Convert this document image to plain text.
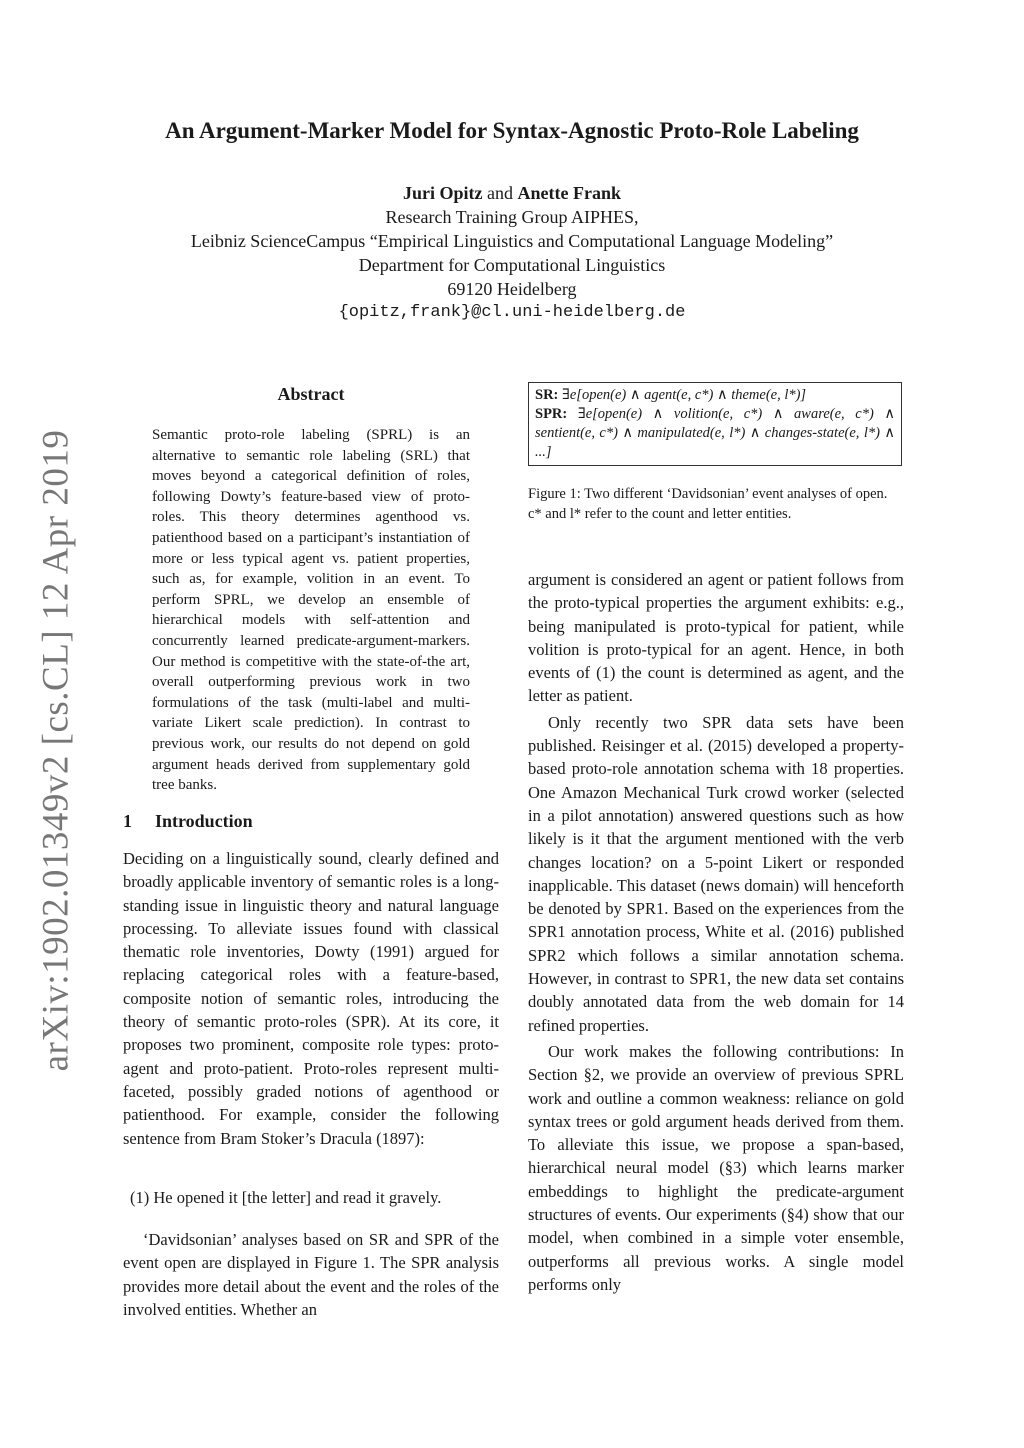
arXiv:1902.01349v2 [cs.CL] 12 Apr 2019
An Argument-Marker Model for Syntax-Agnostic Proto-Role Labeling
Juri Opitz and Anette Frank
Research Training Group AIPHES,
Leibniz ScienceCampus “Empirical Linguistics and Computational Language Modeling”
Department for Computational Linguistics
69120 Heidelberg
{opitz,frank}@cl.uni-heidelberg.de
Abstract
Semantic proto-role labeling (SPRL) is an alternative to semantic role labeling (SRL) that moves beyond a categorical definition of roles, following Dowty’s feature-based view of proto-roles. This theory determines agenthood vs. patienthood based on a participant’s instantiation of more or less typical agent vs. patient properties, such as, for example, volition in an event. To perform SPRL, we develop an ensemble of hierarchical models with self-attention and concurrently learned predicate-argument-markers. Our method is competitive with the state-of-the art, overall outperforming previous work in two formulations of the task (multi-label and multi-variate Likert scale prediction). In contrast to previous work, our results do not depend on gold argument heads derived from supplementary gold tree banks.
1 Introduction

Deciding on a linguistically sound, clearly defined and broadly applicable inventory of semantic roles is a long-standing issue in linguistic theory and natural language processing. To alleviate issues found with classical thematic role inventories, Dowty (1991) argued for replacing categorical roles with a feature-based, composite notion of semantic roles, introducing the theory of semantic proto-roles (SPR). At its core, it proposes two prominent, composite role types: proto-agent and proto-patient. Proto-roles represent multi-faceted, possibly graded notions of agenthood or patienthood. For example, consider the following sentence from Bram Stoker’s Dracula (1897):

(1) He opened it [the letter] and read it gravely.

‘Davidsonian’ analyses based on SR and SPR of the event open are displayed in Figure 1. The SPR analysis provides more detail about the event and the roles of the involved entities. Whether an

SR: ∃e[open(e) ∧ agent(e, c*) ∧ theme(e, l*)]
SPR: ∃e[open(e) ∧ volition(e, c*) ∧ aware(e, c*) ∧ sentient(e, c*) ∧ manipulated(e, l*) ∧ changes-state(e, l*) ∧ ...]
Figure 1: Two different ‘Davidsonian’ event analyses of open. c* and l* refer to the count and letter entities.

argument is considered an agent or patient follows from the proto-typical properties the argument exhibits: e.g., being manipulated is proto-typical for patient, while volition is proto-typical for an agent. Hence, in both events of (1) the count is determined as agent, and the letter as patient.

Only recently two SPR data sets have been published. Reisinger et al. (2015) developed a property-based proto-role annotation schema with 18 properties. One Amazon Mechanical Turk crowd worker (selected in a pilot annotation) answered questions such as how likely is it that the argument mentioned with the verb changes location? on a 5-point Likert or responded inapplicable. This dataset (news domain) will henceforth be denoted by SPR1. Based on the experiences from the SPR1 annotation process, White et al. (2016) published SPR2 which follows a similar annotation schema. However, in contrast to SPR1, the new data set contains doubly annotated data from the web domain for 14 refined properties.

Our work makes the following contributions: In Section §2, we provide an overview of previous SPRL work and outline a common weakness: reliance on gold syntax trees or gold argument heads derived from them. To alleviate this issue, we propose a span-based, hierarchical neural model (§3) which learns marker embeddings to highlight the predicate-argument structures of events. Our experiments (§4) show that our model, when combined in a simple voter ensemble, outperforms all previous works. A single model performs only
